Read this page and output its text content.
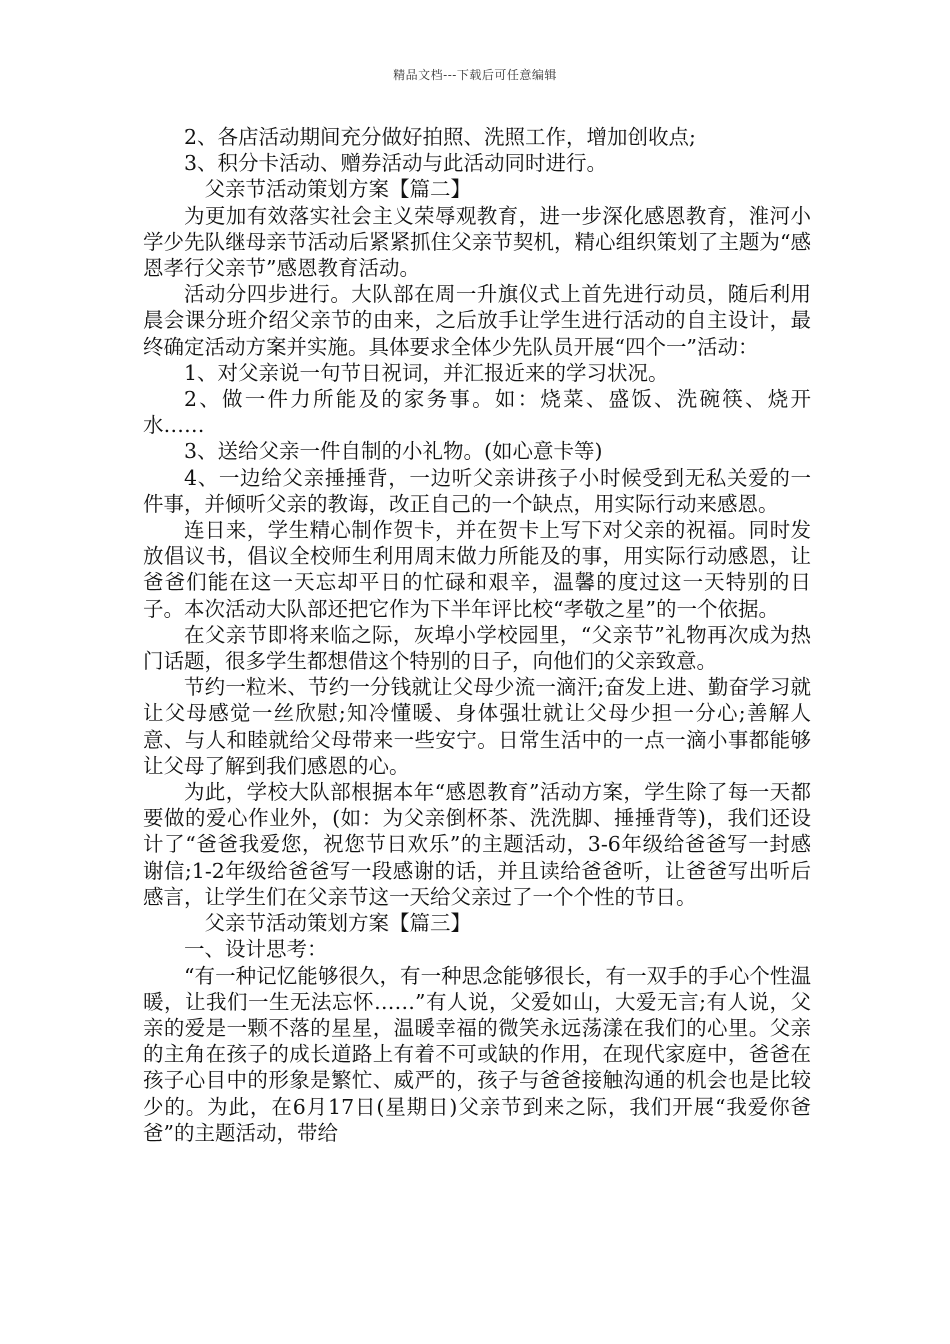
精品文档---下载后可任意编辑

2、各店活动期间充分做好拍照、洗照工作，增加创收点;

3、积分卡活动、赠券活动与此活动同时进行。

父亲节活动策划方案【篇二】

为更加有效落实社会主义荣辱观教育，进一步深化感恩教育，淮河小学少先队继母亲节活动后紧紧抓住父亲节契机，精心组织策划了主题为“感恩孝行父亲节”感恩教育活动。

活动分四步进行。大队部在周一升旗仪式上首先进行动员，随后利用晨会课分班介绍父亲节的由来，之后放手让学生进行活动的自主设计，最终确定活动方案并实施。具体要求全体少先队员开展“四个一”活动：

1、对父亲说一句节日祝词，并汇报近来的学习状况。

2、做一件力所能及的家务事。如：烧菜、盛饭、洗碗筷、烧开水……

3、送给父亲一件自制的小礼物。(如心意卡等)

4、一边给父亲捶捶背，一边听父亲讲孩子小时候受到无私关爱的一件事，并倾听父亲的教诲，改正自己的一个缺点，用实际行动来感恩。

连日来，学生精心制作贺卡，并在贺卡上写下对父亲的祝福。同时发放倡议书，倡议全校师生利用周末做力所能及的事，用实际行动感恩，让爸爸们能在这一天忘却平日的忙碌和艰辛，温馨的度过这一天特别的日子。本次活动大队部还把它作为下半年评比校“孝敬之星”的一个依据。

在父亲节即将来临之际，灰埠小学校园里，“父亲节”礼物再次成为热门话题，很多学生都想借这个特别的日子，向他们的父亲致意。

节约一粒米、节约一分钱就让父母少流一滴汗;奋发上进、勤奋学习就让父母感觉一丝欣慰;知冷懂暖、身体强壮就让父母少担一分心;善解人意、与人和睦就给父母带来一些安宁。日常生活中的一点一滴小事都能够让父母了解到我们感恩的心。

为此，学校大队部根据本年“感恩教育”活动方案，学生除了每一天都要做的爱心作业外，(如：为父亲倒杯茶、洗洗脚、捶捶背等)，我们还设计了“爸爸我爱您，祝您节日欢乐”的主题活动，3-6年级给爸爸写一封感谢信;1-2年级给爸爸写一段感谢的话，并且读给爸爸听，让爸爸写出听后感言，让学生们在父亲节这一天给父亲过了一个个性的节日。

父亲节活动策划方案【篇三】

一、设计思考：

“有一种记忆能够很久，有一种思念能够很长，有一双手的手心个性温暖，让我们一生无法忘怀……”有人说，父爱如山，大爱无言;有人说，父亲的爱是一颗不落的星星，温暖幸福的微笑永远荡漾在我们的心里。父亲的主角在孩子的成长道路上有着不可或缺的作用，在现代家庭中，爸爸在孩子心目中的形象是繁忙、威严的，孩子与爸爸接触沟通的机会也是比较少的。为此，在6月17日(星期日)父亲节到来之际，我们开展“我爱你爸爸”的主题活动，带给
